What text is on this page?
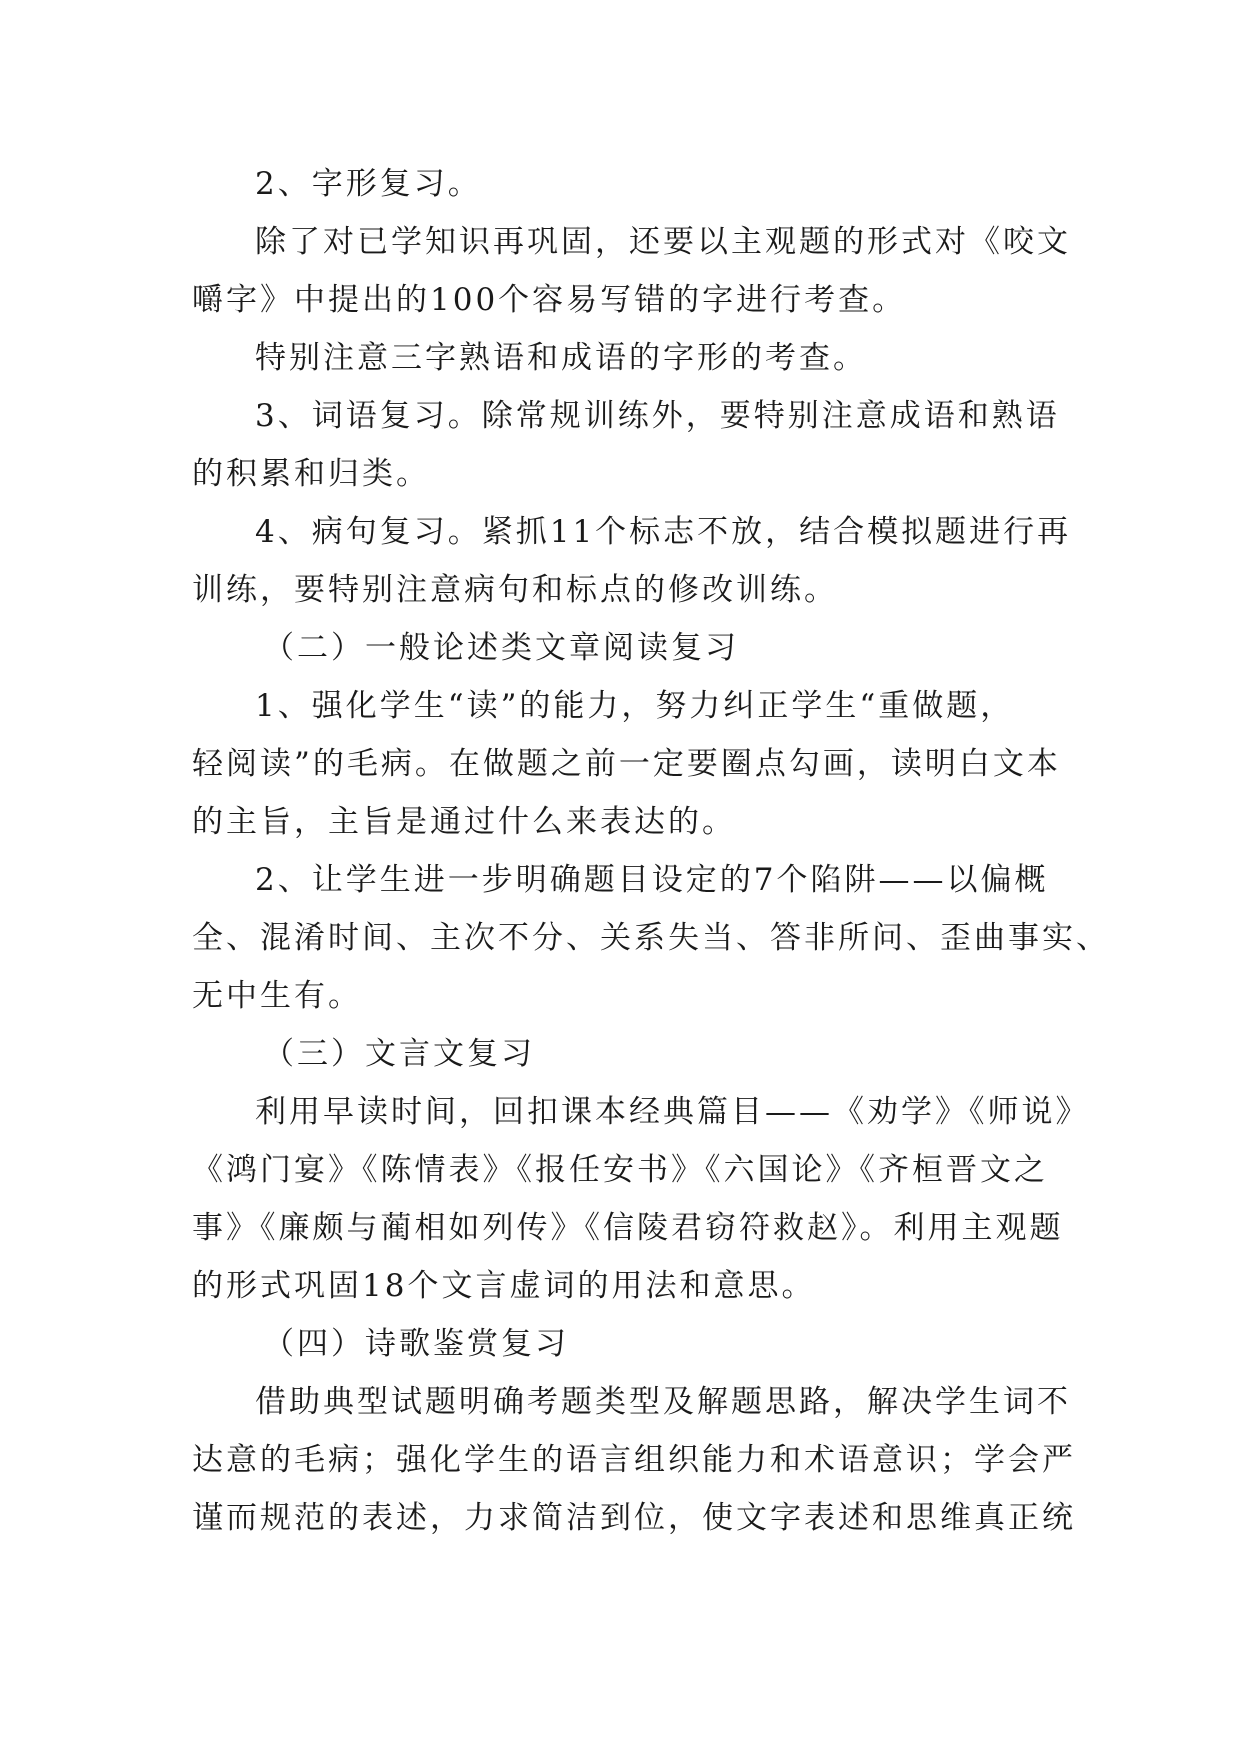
2、字形复习。
除了对已学知识再巩固，还要以主观题的形式对《咬文
嚼字》中提出的100个容易写错的字进行考查。
特别注意三字熟语和成语的字形的考查。
3、词语复习。除常规训练外，要特别注意成语和熟语
的积累和归类。
4、病句复习。紧抓11个标志不放，结合模拟题进行再
训练，要特别注意病句和标点的修改训练。
（二）一般论述类文章阅读复习
1、强化学生“读”的能力，努力纠正学生“重做题，
轻阅读”的毛病。在做题之前一定要圈点勾画，读明白文本
的主旨，主旨是通过什么来表达的。
2、让学生进一步明确题目设定的7个陷阱——以偏概
全、混淆时间、主次不分、关系失当、答非所问、歪曲事实、
无中生有。
（三）文言文复习
利用早读时间，回扣课本经典篇目——《劝学》《师说》
《鸿门宴》《陈情表》《报任安书》《六国论》《齐桓晋文之
事》《廉颇与蔺相如列传》《信陵君窃符救赵》。利用主观题
的形式巩固18个文言虚词的用法和意思。
（四）诗歌鉴赏复习
借助典型试题明确考题类型及解题思路，解决学生词不
达意的毛病；强化学生的语言组织能力和术语意识；学会严
谨而规范的表述，力求简洁到位，使文字表述和思维真正统
